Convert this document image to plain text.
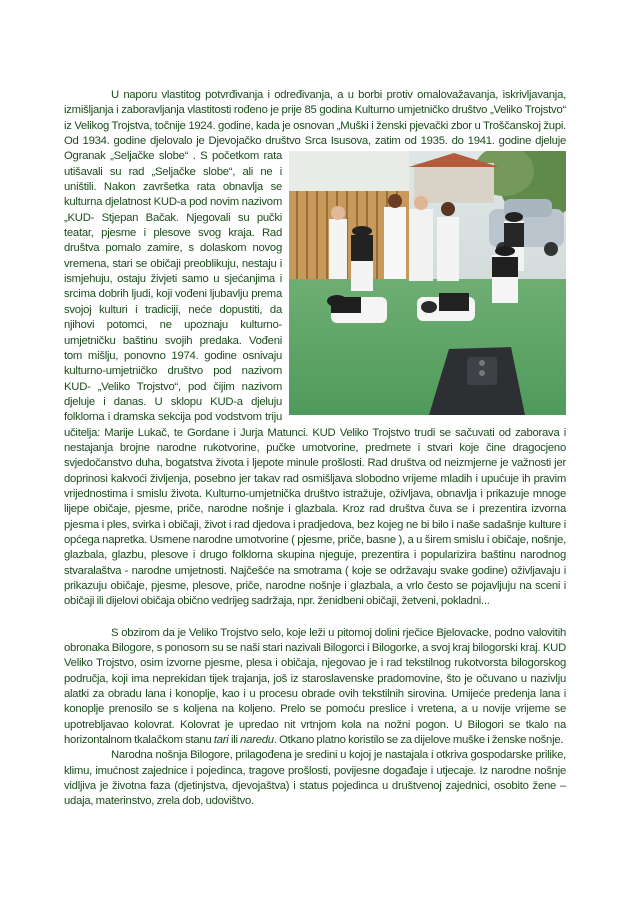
U naporu vlastitog potvrđivanja i određivanja, a u borbi protiv omalovažavanja, iskrivljavanja, izmišljanja i zaboravljanja vlastitosti rođeno je prije 85 godina Kulturno umjetničko društvo „Veliko Trojstvo“ iz Velikog Trojstva, točnije 1924. godine, kada je osnovan „Muški i ženski pjevački zbor u Troščanskoj župi. Od 1934. godine djelovalo je Djevojačko društvo Srca Isusova, zatim od 1935. do 1941. godine djeluje Ogranak „Seljačke slobe“ . S početkom rata utišavali su rad „Seljačke slobe“, ali ne i uništili. Nakon završetka rata obnavlja se kulturna djelatnost KUD-a pod novim nazivom „KUD- Stjepan Bačak. Njegovali su pučki teatar, pjesme i plesove svog kraja. Rad društva pomalo zamire, s dolaskom novog vremena, stari se običaji preoblikuju, nestaju i ismjehuju, ostaju živjeti samo u sjećanjima i srcima dobrih ljudi, koji vođeni ljubavlju prema svojoj kulturi i tradiciji, neće dopustiti, da njihovi potomci, ne upoznaju kulturno- umjetničku baštinu svojih predaka. Vođeni tom mišlju, ponovno 1974. godine osnivaju kulturno-umjetničko društvo pod nazivom KUD- „Veliko Trojstvo“, pod čijim nazivom djeluje i danas. U sklopu KUD-a djeluju folklorna i dramska sekcija pod vodstvom triju učitelja: Marije Lukač, te Gordane i Jurja Matunci. KUD Veliko Trojstvo trudi se sačuvati od zaborava i nestajanja brojne narodne rukotvorine, pučke umotvorine, predmete i stvari koje čine dragocjeno svjedočanstvo duha, bogatstva života i ljepote minule prošlosti. Rad društva od neizmjerne je važnosti jer doprinosi kakvoći življenja, posebno jer takav rad osmišljava slobodno vrijeme mladih i upućuje ih pravim vrijednostima i smislu života. Kulturno-umjetnička društvo istražuje, oživljava, obnavlja i prikazuje mnoge lijepe običaje, pjesme, priče, narodne nošnje i glazbala. Kroz rad društva čuva se i prezentira izvorna pjesma i ples, svirka i običaji, život i rad djedova i pradjedova, bez kojeg ne bi bilo i naše sadašnje kulture i općega napretka. Usmene narodne umotvorine ( pjesme, priče, basne ), a u širem smislu i običaje, nošnje, glazbala, glazbu, plesove i drugo folklorna skupina njeguje, prezentira i popularizira baštinu narodnog stvaralaštva - narodne umjetnosti. Najčešće na smotrama ( koje se održavaju svake godine) oživljavaju i prikazuju običaje, pjesme, plesove, priče, narodne nošnje i glazbala, a vrlo često se pojavljuju na sceni i običaji ili dijelovi običaja obično vedrijeg sadržaja, npr. ženidbeni običaji, žetveni, pokladni...

S obzirom da je Veliko Trojstvo selo, koje leži u pitomoj dolini rječice Bjelovacke, podno valovitih obronaka Bilogore, s ponosom su se naši stari nazivali Bilogorci i Bilogorke, a svoj kraj bilogorski kraj. KUD Veliko Trojstvo, osim izvorne pjesme, plesa i običaja, njegovao je i rad tekstilnog rukotvorsta bilogorskog područja, koji ima neprekidan tijek trajanja, još iz staroslavenske pradomovine, što je očuvano u nazivlju alatki za obradu lana i konoplje, kao i u procesu obrade ovih tekstilnih sirovina. Umijeće predenja lana i konoplje prenosilo se s koljena na koljeno. Prelo se pomoću preslice i vretena, a u novije vrijeme se upotrebljavao kolovrat. Kolovrat je upredao nit vrtnjom kola na nožni pogon. U Bilogori se tkalo na horizontalnom tkalačkom stanu tari ili naredu. Otkano platno koristilo se za dijelove muške i ženske nošnje.

Narodna nošnja Bilogore, prilagođena je sredini u kojoj je nastajala i otkriva gospodarske prilike, klimu, imućnost zajednice i pojedinca, tragove prošlosti, povijesne događaje i utjecaje. Iz narodne nošnje vidljiva je životna faza (djetinjstva, djevojaštva) i status pojedinca u društvenoj zajednici, osobito žene – udaja, materinstvo, zrela dob, udovištvo.
